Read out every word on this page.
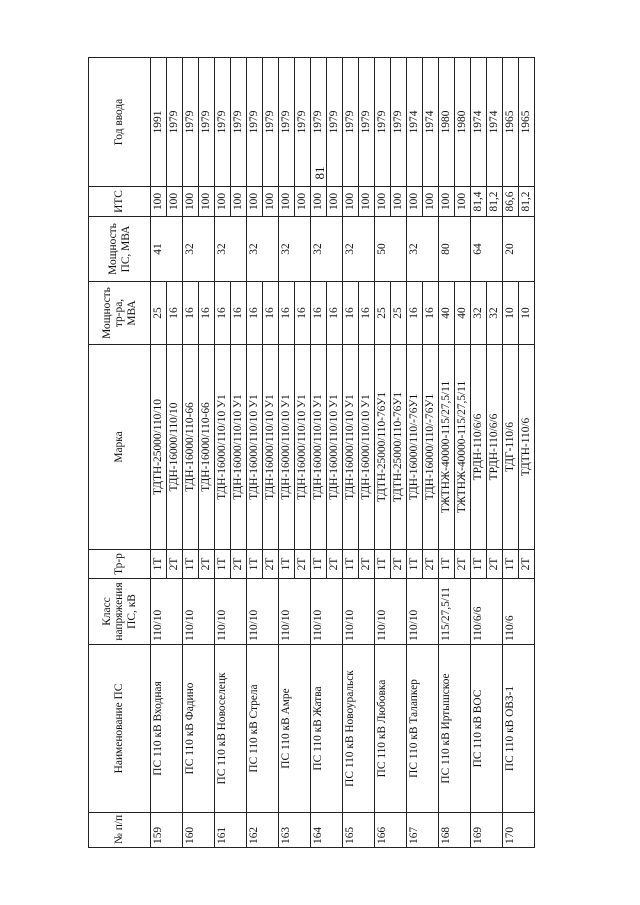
81
№ п/п	Наименование ПС	Класс напряжения ПС, кВ	Тр-р	Марка	Мощность тр-ра, МВА	Мощность ПС, МВА	ИТС	Год ввода
159	ПС 110 кВ Входная	110/10	1Т	ТДТН-25000/110/10	25	41	100	1991
			2Т	ТДН-16000/110/10	16		100	1979
160	ПС 110 кВ Фадино	110/10	1Т	ТДН-16000/110-66	16	32	100	1979
			2Т	ТДН-16000/110-66	16		100	1979
161	ПС 110 кВ Новоселецк	110/10	1Т	ТДН-16000/110/10 У1	16	32	100	1979
			2Т	ТДН-16000/110/10 У1	16		100	1979
162	ПС 110 кВ Стрела	110/10	1Т	ТДН-16000/110/10 У1	16	32	100	1979
			2Т	ТДН-16000/110/10 У1	16		100	1979
163	ПС 110 кВ Амре	110/10	1Т	ТДН-16000/110/10 У1	16	32	100	1979
			2Т	ТДН-16000/110/10 У1	16		100	1979
164	ПС 110 кВ Жатва	110/10	1Т	ТДН-16000/110/10 У1	16	32	100	1979
			2Т	ТДН-16000/110/10 У1	16		100	1979
165	ПС 110 кВ Новоуральск	110/10	1Т	ТДН-16000/110/10 У1	16	32	100	1979
			2Т	ТДН-16000/110/10 У1	16		100	1979
166	ПС 110 кВ Любовка	110/10	1Т	ТДТН-25000/110-76У1	25	50	100	1979
			2Т	ТДТН-25000/110-76У1	25		100	1979
167	ПС 110 кВ Талапкер	110/10	1Т	ТДН-16000/110/-76У1	16	32	100	1974
			2Т	ТДН-16000/110/-76У1	16		100	1974
168	ПС 110 кВ Иртышское	115/27,5/11	1Т	ТЖТНЖ-40000-115/27,5/11	40	80	100	1980
			2Т	ТЖТНЖ-40000-115/27,5/11	40		100	1980
169	ПС 110 кВ ВОС	110/6/6	1Т	ТРДН-110/6/6	32	64	81,4	1974
			2Т	ТРДН-110/6/6	32		81,2	1974
170	ПС 110 кВ ОВЗ-1	110/6	1Т	ТДГ-110/6	10	20	86,6	1965
			2Т	ТДТН-110/6	10		81,2	1965
